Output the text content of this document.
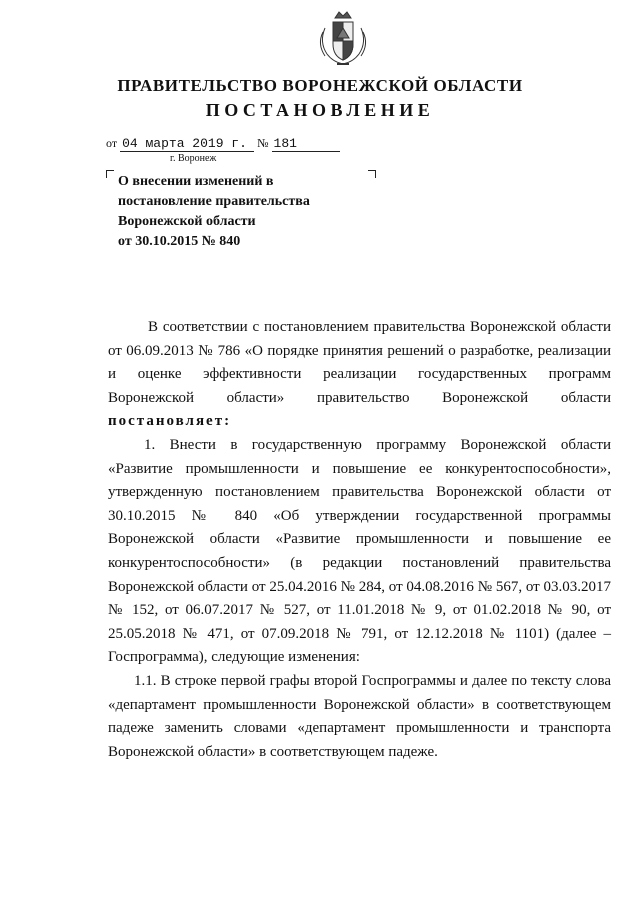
ПРАВИТЕЛЬСТВО ВОРОНЕЖСКОЙ ОБЛАСТИ
ПОСТАНОВЛЕНИЕ
от 04 марта 2019 г. № 181
г. Воронеж
О внесении изменений в
постановление правительства
Воронежской области
от 30.10.2015 № 840

В соответствии с постановлением правительства Воронежской области от 06.09.2013 № 786 «О порядке принятия решений о разработке, реализации и оценке эффективности реализации государственных программ Воронежской области» правительство Воронежской области постановляет:

1. Внести в государственную программу Воронежской области «Развитие промышленности и повышение ее конкурентоспособности», утвержденную постановлением правительства Воронежской области от 30.10.2015 № 840 «Об утверждении государственной программы Воронежской области «Развитие промышленности и повышение ее конкурентоспособности» (в редакции постановлений правительства Воронежской области от 25.04.2016 № 284, от 04.08.2016 № 567, от 03.03.2017 № 152, от 06.07.2017 № 527, от 11.01.2018 № 9, от 01.02.2018 № 90, от 25.05.2018 № 471, от 07.09.2018 № 791, от 12.12.2018 № 1101) (далее – Госпрограмма), следующие изменения:

1.1. В строке первой графы второй Госпрограммы и далее по тексту слова «департамент промышленности Воронежской области» в соответствующем падеже заменить словами «департамент промышленности и транспорта Воронежской области» в соответствующем падеже.
